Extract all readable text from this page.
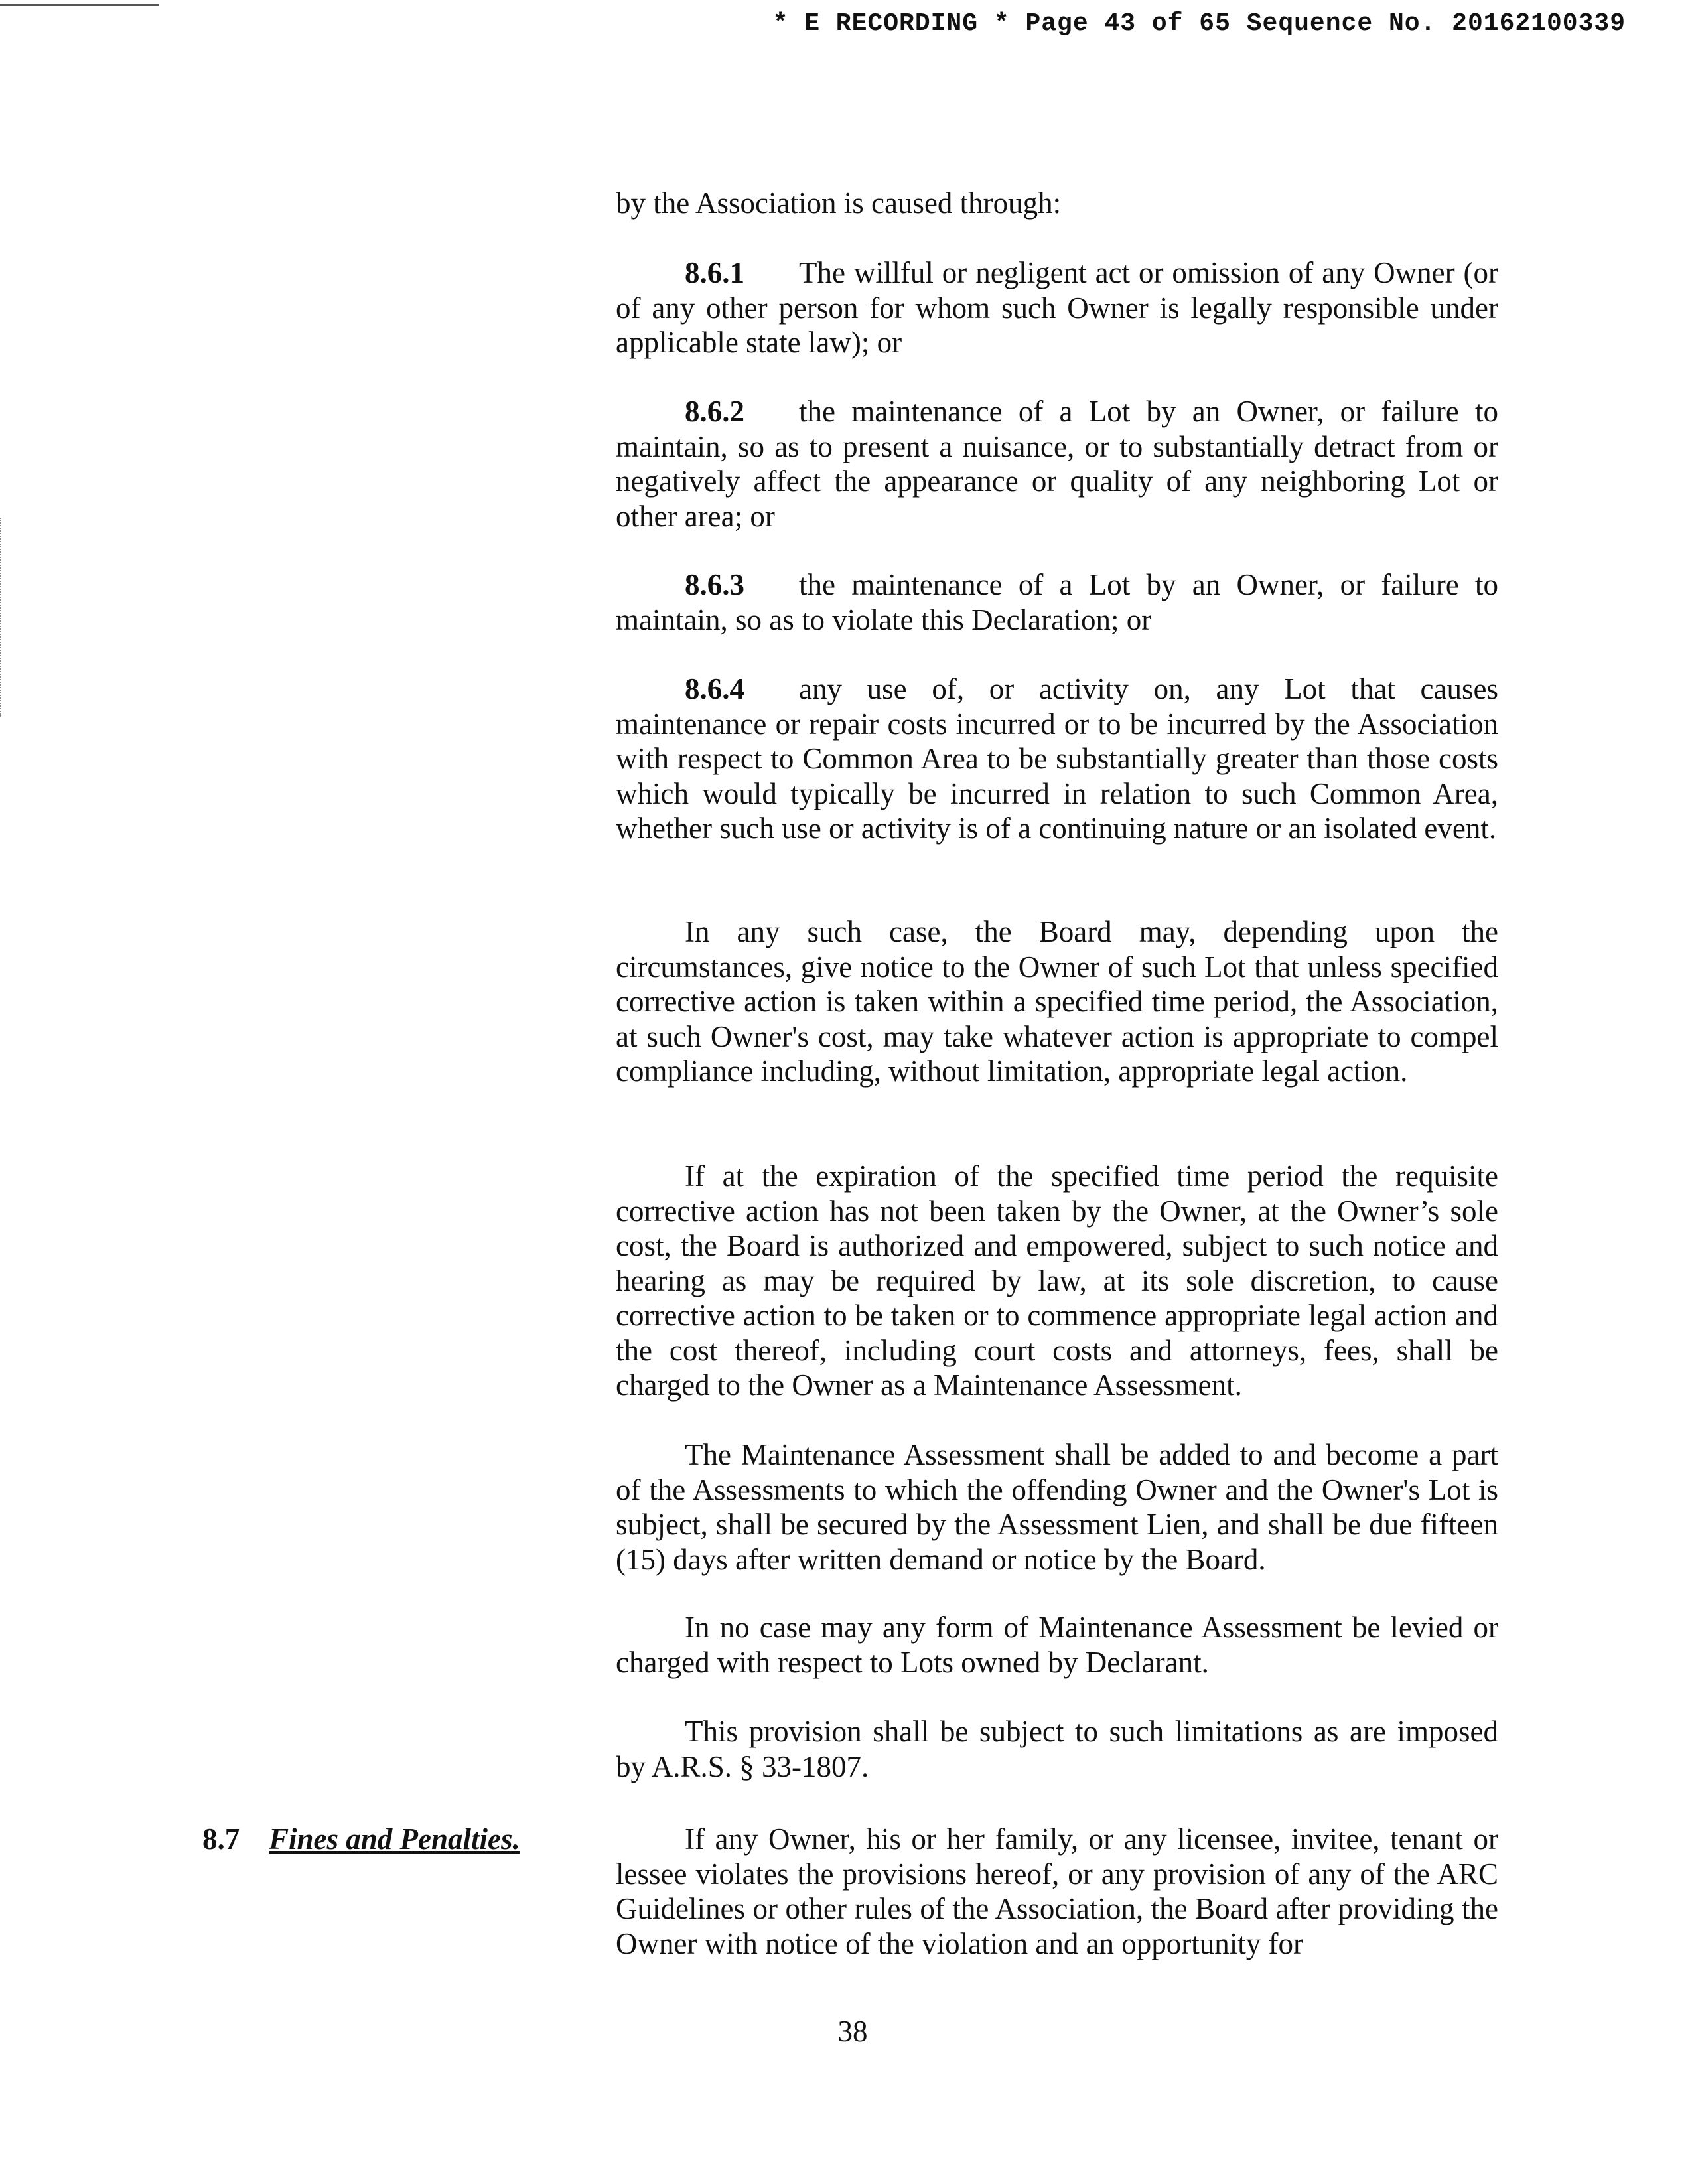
* E RECORDING * Page 43 of 65 Sequence No. 20162100339

by the Association is caused through:

8.6.1 The willful or negligent act or omission of any Owner (or of any other person for whom such Owner is legally responsible under applicable state law); or

8.6.2 the maintenance of a Lot by an Owner, or failure to maintain, so as to present a nuisance, or to substantially detract from or negatively affect the appearance or quality of any neighboring Lot or other area; or

8.6.3 the maintenance of a Lot by an Owner, or failure to maintain, so as to violate this Declaration; or

8.6.4 any use of, or activity on, any Lot that causes maintenance or repair costs incurred or to be incurred by the Association with respect to Common Area to be substantially greater than those costs which would typically be incurred in relation to such Common Area, whether such use or activity is of a continuing nature or an isolated event.

In any such case, the Board may, depending upon the circumstances, give notice to the Owner of such Lot that unless specified corrective action is taken within a specified time period, the Association, at such Owner's cost, may take whatever action is appropriate to compel compliance including, without limitation, appropriate legal action.

If at the expiration of the specified time period the requisite corrective action has not been taken by the Owner, at the Owner’s sole cost, the Board is authorized and empowered, subject to such notice and hearing as may be required by law, at its sole discretion, to cause corrective action to be taken or to commence appropriate legal action and the cost thereof, including court costs and attorneys, fees, shall be charged to the Owner as a Maintenance Assessment.

The Maintenance Assessment shall be added to and become a part of the Assessments to which the offending Owner and the Owner's Lot is subject, shall be secured by the Assessment Lien, and shall be due fifteen (15) days after written demand or notice by the Board.

In no case may any form of Maintenance Assessment be levied or charged with respect to Lots owned by Declarant.

This provision shall be subject to such limitations as are imposed by A.R.S. § 33-1807.

8.7 Fines and Penalties.	If any Owner, his or her family, or any licensee, invitee, tenant or lessee violates the provisions hereof, or any provision of any of the ARC Guidelines or other rules of the Association, the Board after providing the Owner with notice of the violation and an opportunity for

38
